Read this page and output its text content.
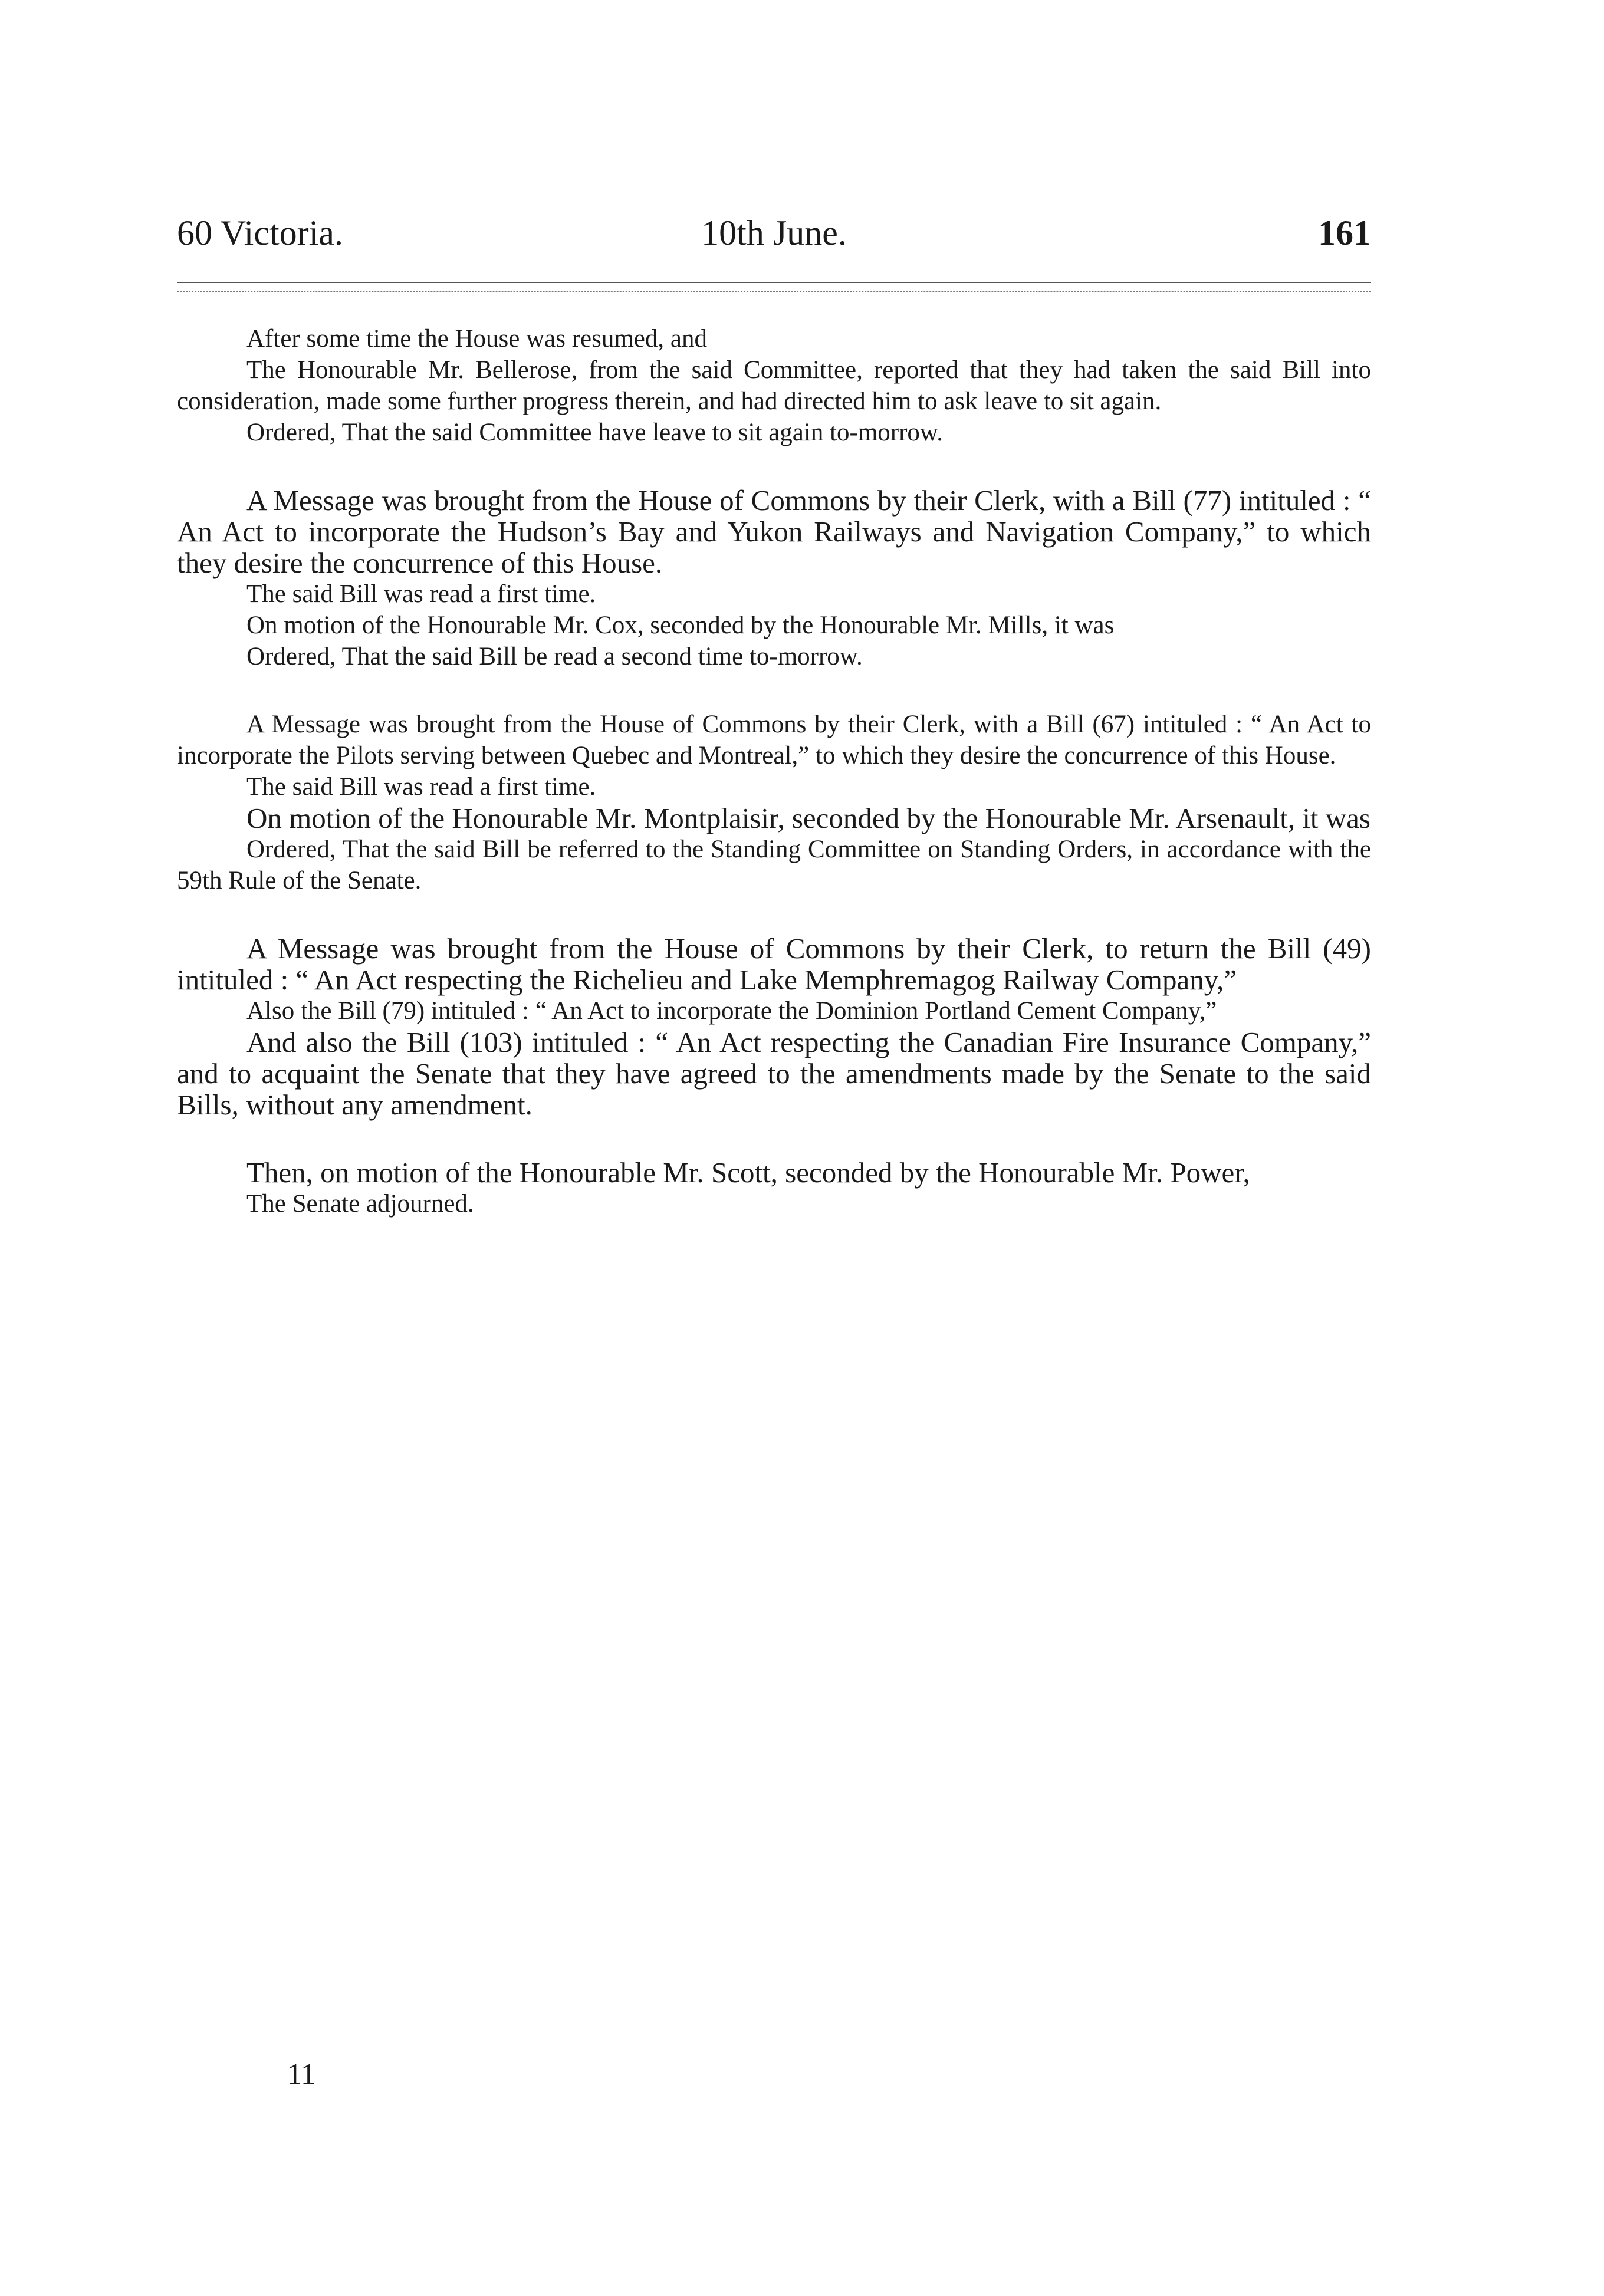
60 Victoria.	10th June.	161

After some time the House was resumed, and

The Honourable Mr. Bellerose, from the said Committee, reported that they had taken the said Bill into consideration, made some further progress therein, and had directed him to ask leave to sit again.

Ordered, That the said Committee have leave to sit again to-morrow.

A Message was brought from the House of Commons by their Clerk, with a Bill (77) intituled : “ An Act to incorporate the Hudson’s Bay and Yukon Railways and Navigation Company,” to which they desire the concurrence of this House.

The said Bill was read a first time.

On motion of the Honourable Mr. Cox, seconded by the Honourable Mr. Mills, it was

Ordered, That the said Bill be read a second time to-morrow.

A Message was brought from the House of Commons by their Clerk, with a Bill (67) intituled : “ An Act to incorporate the Pilots serving between Quebec and Montreal,” to which they desire the concurrence of this House.

The said Bill was read a first time.

On motion of the Honourable Mr. Montplaisir, seconded by the Honourable Mr. Arsenault, it was

Ordered, That the said Bill be referred to the Standing Committee on Standing Orders, in accordance with the 59th Rule of the Senate.

A Message was brought from the House of Commons by their Clerk, to return the Bill (49) intituled : “ An Act respecting the Richelieu and Lake Memphremagog Railway Company,”

Also the Bill (79) intituled : “ An Act to incorporate the Dominion Portland Cement Company,”

And also the Bill (103) intituled : “ An Act respecting the Canadian Fire Insurance Company,” and to acquaint the Senate that they have agreed to the amendments made by the Senate to the said Bills, without any amendment.

Then, on motion of the Honourable Mr. Scott, seconded by the Honourable Mr. Power,

The Senate adjourned.

11
